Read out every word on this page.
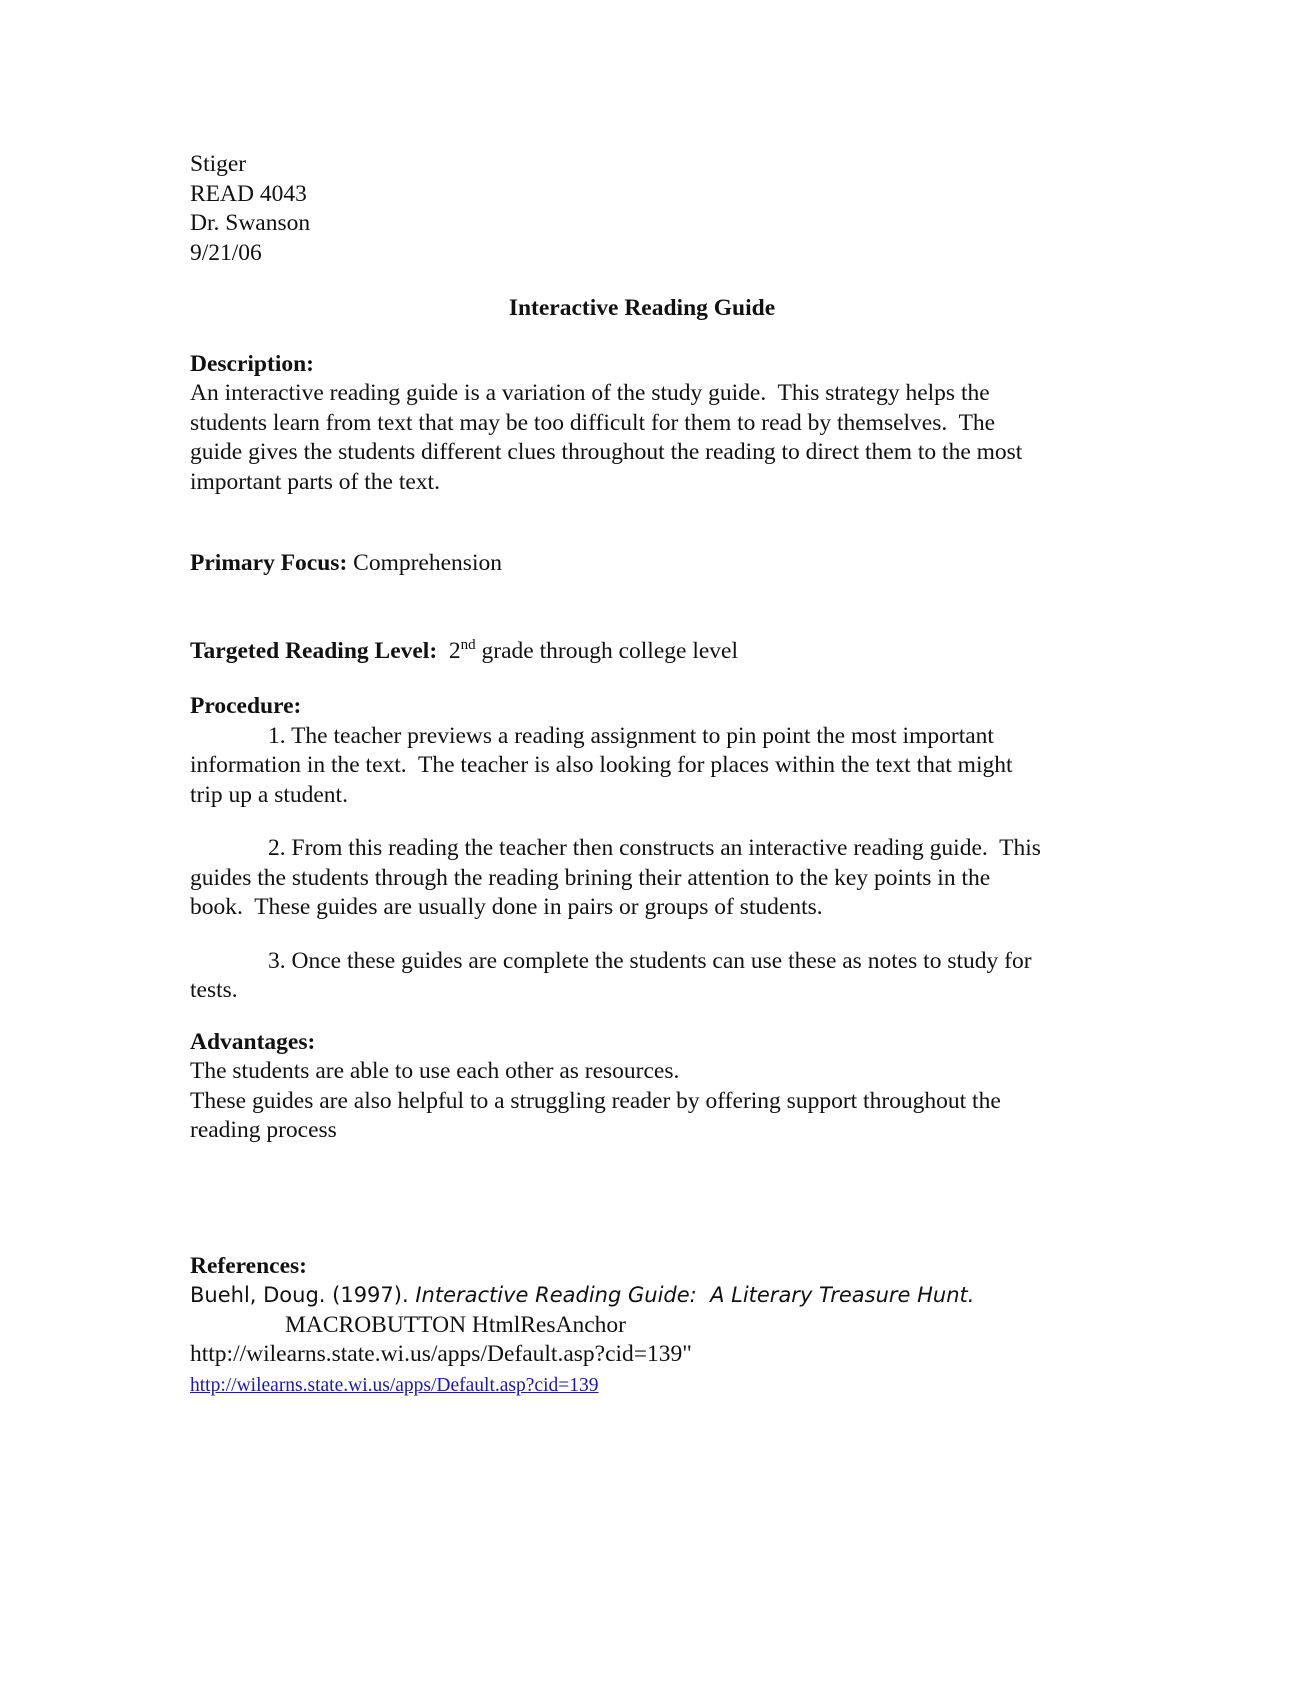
Stiger
READ 4043
Dr. Swanson
9/21/06
Interactive Reading Guide
Description:
An interactive reading guide is a variation of the study guide.  This strategy helps the
students learn from text that may be too difficult for them to read by themselves.  The
guide gives the students different clues throughout the reading to direct them to the most
important parts of the text.
Primary Focus: Comprehension
Targeted Reading Level: 2nd grade through college level
Procedure:
1. The teacher previews a reading assignment to pin point the most important
information in the text.  The teacher is also looking for places within the text that might
trip up a student.
2. From this reading the teacher then constructs an interactive reading guide.  This
guides the students through the reading brining their attention to the key points in the
book.  These guides are usually done in pairs or groups of students.
3. Once these guides are complete the students can use these as notes to study for
tests.
Advantages:
The students are able to use each other as resources.
These guides are also helpful to a struggling reader by offering support throughout the
reading process
References:
Buehl, Doug. (1997). Interactive Reading Guide:  A Literary Treasure Hunt.
MACROBUTTON HtmlResAnchor
http://wilearns.state.wi.us/apps/Default.asp?cid=139"
http://wilearns.state.wi.us/apps/Default.asp?cid=139
